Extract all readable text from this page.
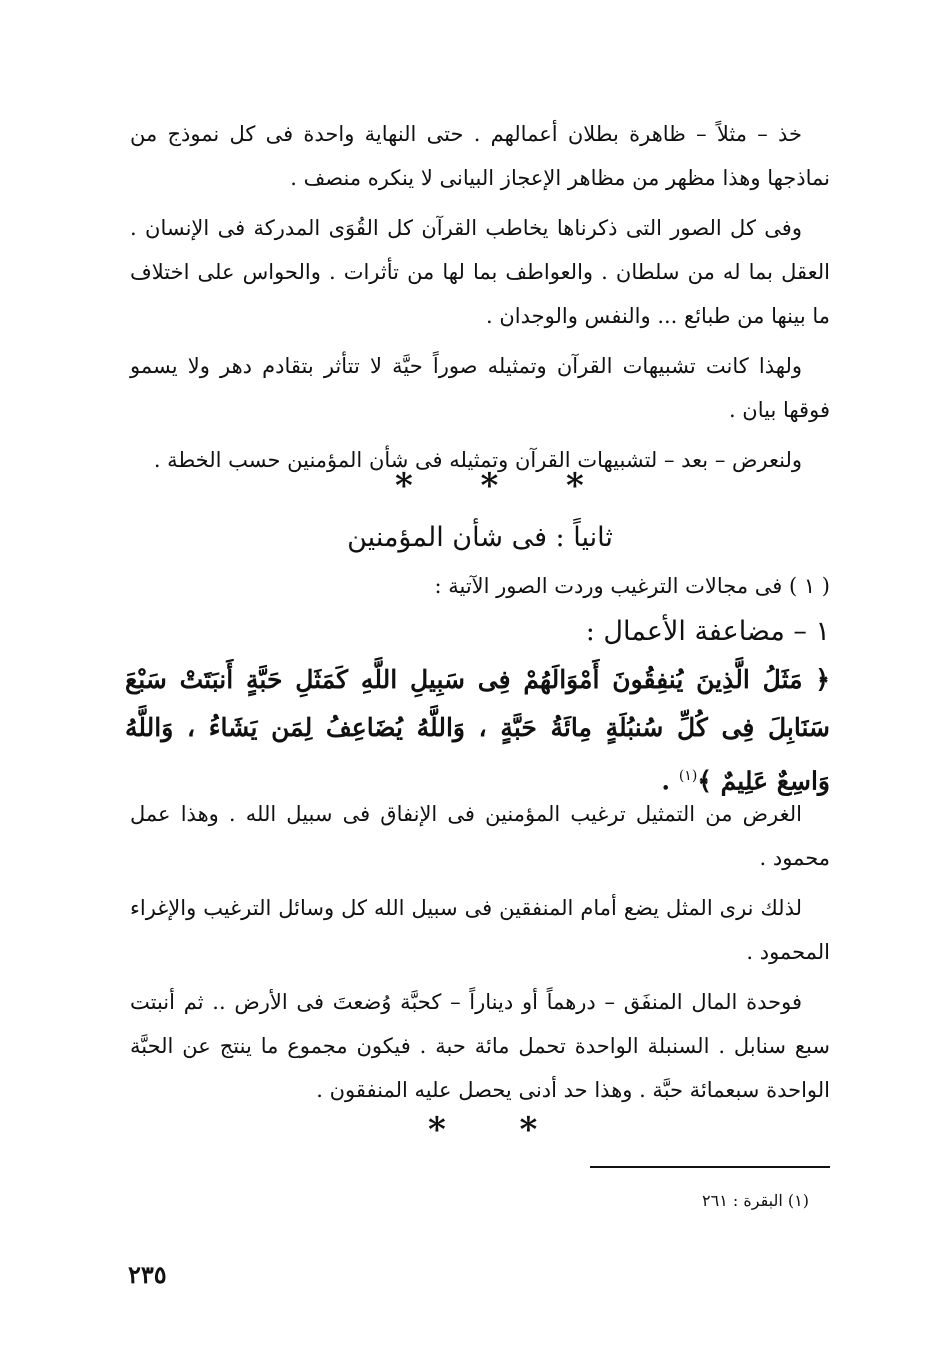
خذ – مثلاً – ظاهرة بطلان أعمالهم . حتى النهاية واحدة فى كل نموذج من نماذجها وهذا مظهر من مظاهر الإعجاز البيانى لا ينكره منصف .

وفى كل الصور التى ذكرناها يخاطب القرآن كل القُوَى المدركة فى الإنسان . العقل بما له من سلطان . والعواطف بما لها من تأثرات . والحواس على اختلاف ما بينها من طبائع ... والنفس والوجدان .

ولهذا كانت تشبيهات القرآن وتمثيله صوراً حيَّة لا تتأثر بتقادم دهر ولا يسمو فوقها بيان .

ولنعرض – بعد – لتشبيهات القرآن وتمثيله فى شأن المؤمنين حسب الخطة .

* * *
ثانياً : فى شأن المؤمنين
( ١ ) فى مجالات الترغيب وردت الصور الآتية :
١ – مضاعفة الأعمال :
﴿ مَثَلُ الَّذِينَ يُنفِقُونَ أَمْوَالَهُمْ فِى سَبِيلِ اللَّهِ كَمَثَلِ حَبَّةٍ أَنبَتَتْ سَبْعَ سَنَابِلَ فِى كُلِّ سُنبُلَةٍ مِائَةُ حَبَّةٍ ، وَاللَّهُ يُضَاعِفُ لِمَن يَشَاءُ ، وَاللَّهُ وَاسِعٌ عَلِيمٌ ﴾$^{(١)}$ .

الغرض من التمثيل ترغيب المؤمنين فى الإنفاق فى سبيل الله . وهذا عمل محمود .

لذلك نرى المثل يضع أمام المنفقين فى سبيل الله كل وسائل الترغيب والإغراء المحمود .

فوحدة المال المنفَق – درهماً أو ديناراً – كحبَّة وُضعتَ فى الأرض .. ثم أنبتت سبع سنابل . السنبلة الواحدة تحمل مائة حبة . فيكون مجموع ما ينتج عن الحبَّة الواحدة سبعمائة حبَّة . وهذا حد أدنى يحصل عليه المنفقون .

* *
(١) البقرة : ٢٦١
٢٣٥
